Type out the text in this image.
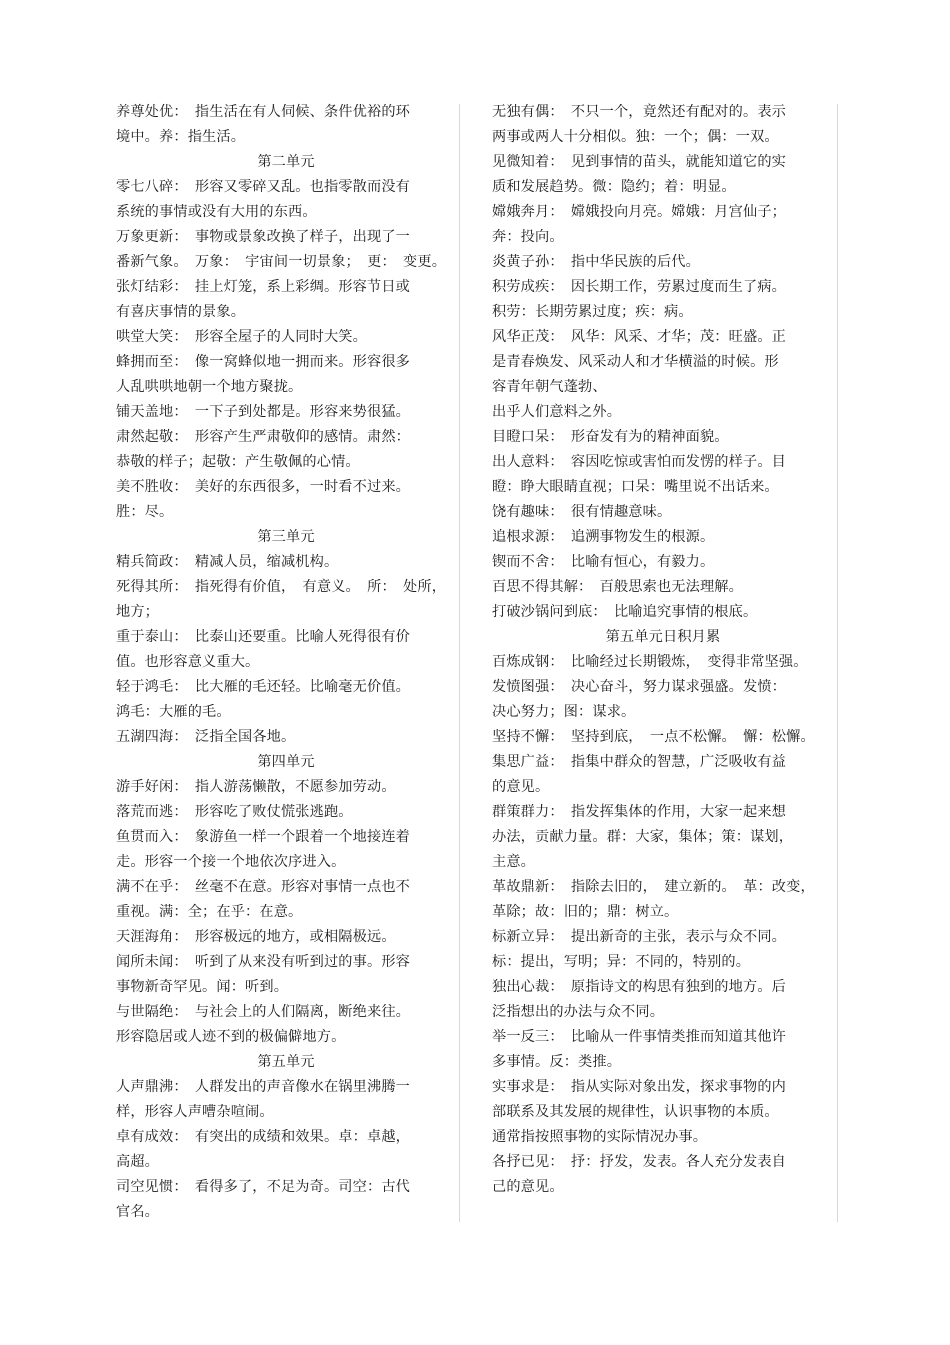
养尊处优：　指生活在有人伺候、条件优裕的环
境中。养：指生活。
第二单元
零七八碎：　形容又零碎又乱。也指零散而没有
系统的事情或没有大用的东西。
万象更新：　事物或景象改换了样子，出现了一
番新气象。　万象：　宇宙间一切景象；　更：　变更。
张灯结彩：　挂上灯笼，系上彩绸。形容节日或
有喜庆事情的景象。
哄堂大笑：　形容全屋子的人同时大笑。
蜂拥而至：　像一窝蜂似地一拥而来。形容很多
人乱哄哄地朝一个地方聚拢。
铺天盖地：　一下子到处都是。形容来势很猛。
肃然起敬：　形容产生严肃敬仰的感情。肃然：
恭敬的样子；起敬：产生敬佩的心情。
美不胜收：　美好的东西很多，一时看不过来。
胜：尽。
第三单元
精兵简政：　精减人员，缩减机构。
死得其所：　指死得有价值，　有意义。　所：　处所，
地方；
重于泰山：　比泰山还要重。比喻人死得很有价
值。也形容意义重大。
轻于鸿毛：　比大雁的毛还轻。比喻毫无价值。
鸿毛：大雁的毛。
五湖四海：　泛指全国各地。
第四单元
游手好闲：　指人游荡懒散，不愿参加劳动。
落荒而逃：　形容吃了败仗慌张逃跑。
鱼贯而入：　象游鱼一样一个跟着一个地接连着
走。形容一个接一个地依次序进入。
满不在乎：　丝毫不在意。形容对事情一点也不
重视。满：全；在乎：在意。
天涯海角：　形容极远的地方，或相隔极远。
闻所未闻：　听到了从来没有听到过的事。形容
事物新奇罕见。闻：听到。
与世隔绝：　与社会上的人们隔离，断绝来往。
形容隐居或人迹不到的极偏僻地方。
第五单元
人声鼎沸：　人群发出的声音像水在锅里沸腾一
样，形容人声嘈杂喧闹。
卓有成效：　有突出的成绩和效果。卓：卓越，
高超。
司空见惯：　看得多了，不足为奇。司空：古代
官名。
无独有偶：　不只一个，竟然还有配对的。表示
两事或两人十分相似。独：一个；偶：一双。
见微知着：　见到事情的苗头，就能知道它的实
质和发展趋势。微：隐约；着：明显。
嫦娥奔月：　嫦娥投向月亮。嫦娥：月宫仙子；
奔：投向。
炎黄子孙：　指中华民族的后代。
积劳成疾：　因长期工作，劳累过度而生了病。
积劳：长期劳累过度；疾：病。
风华正茂：　风华：风采、才华；茂：旺盛。正
是青春焕发、风采动人和才华横溢的时候。形
容青年朝气蓬勃、
出乎人们意料之外。
目瞪口呆：　形奋发有为的精神面貌。
出人意料：　容因吃惊或害怕而发愣的样子。目
瞪：睁大眼睛直视；口呆：嘴里说不出话来。
饶有趣味：　很有情趣意味。
追根求源：　追溯事物发生的根源。
锲而不舍：　比喻有恒心，有毅力。
百思不得其解：　百般思索也无法理解。
打破沙锅问到底：　比喻追究事情的根底。
第五单元日积月累
百炼成钢：　比喻经过长期锻炼，　变得非常坚强。
发愤图强：　决心奋斗，努力谋求强盛。发愤：
决心努力；图：谋求。
坚持不懈：　坚持到底，　一点不松懈。　懈：松懈。
集思广益：　指集中群众的智慧，广泛吸收有益
的意见。
群策群力：　指发挥集体的作用，大家一起来想
办法，贡献力量。群：大家，集体；策：谋划，
主意。
革故鼎新：　指除去旧的，　建立新的。　革：改变，
革除；故：旧的；鼎：树立。
标新立异：　提出新奇的主张，表示与众不同。
标：提出，写明；异：不同的，特别的。
独出心裁：　原指诗文的构思有独到的地方。后
泛指想出的办法与众不同。
举一反三：　比喻从一件事情类推而知道其他许
多事情。反：类推。
实事求是：　指从实际对象出发，探求事物的内
部联系及其发展的规律性，认识事物的本质。
通常指按照事物的实际情况办事。
各抒已见：　抒：抒发，发表。各人充分发表自
己的意见。
